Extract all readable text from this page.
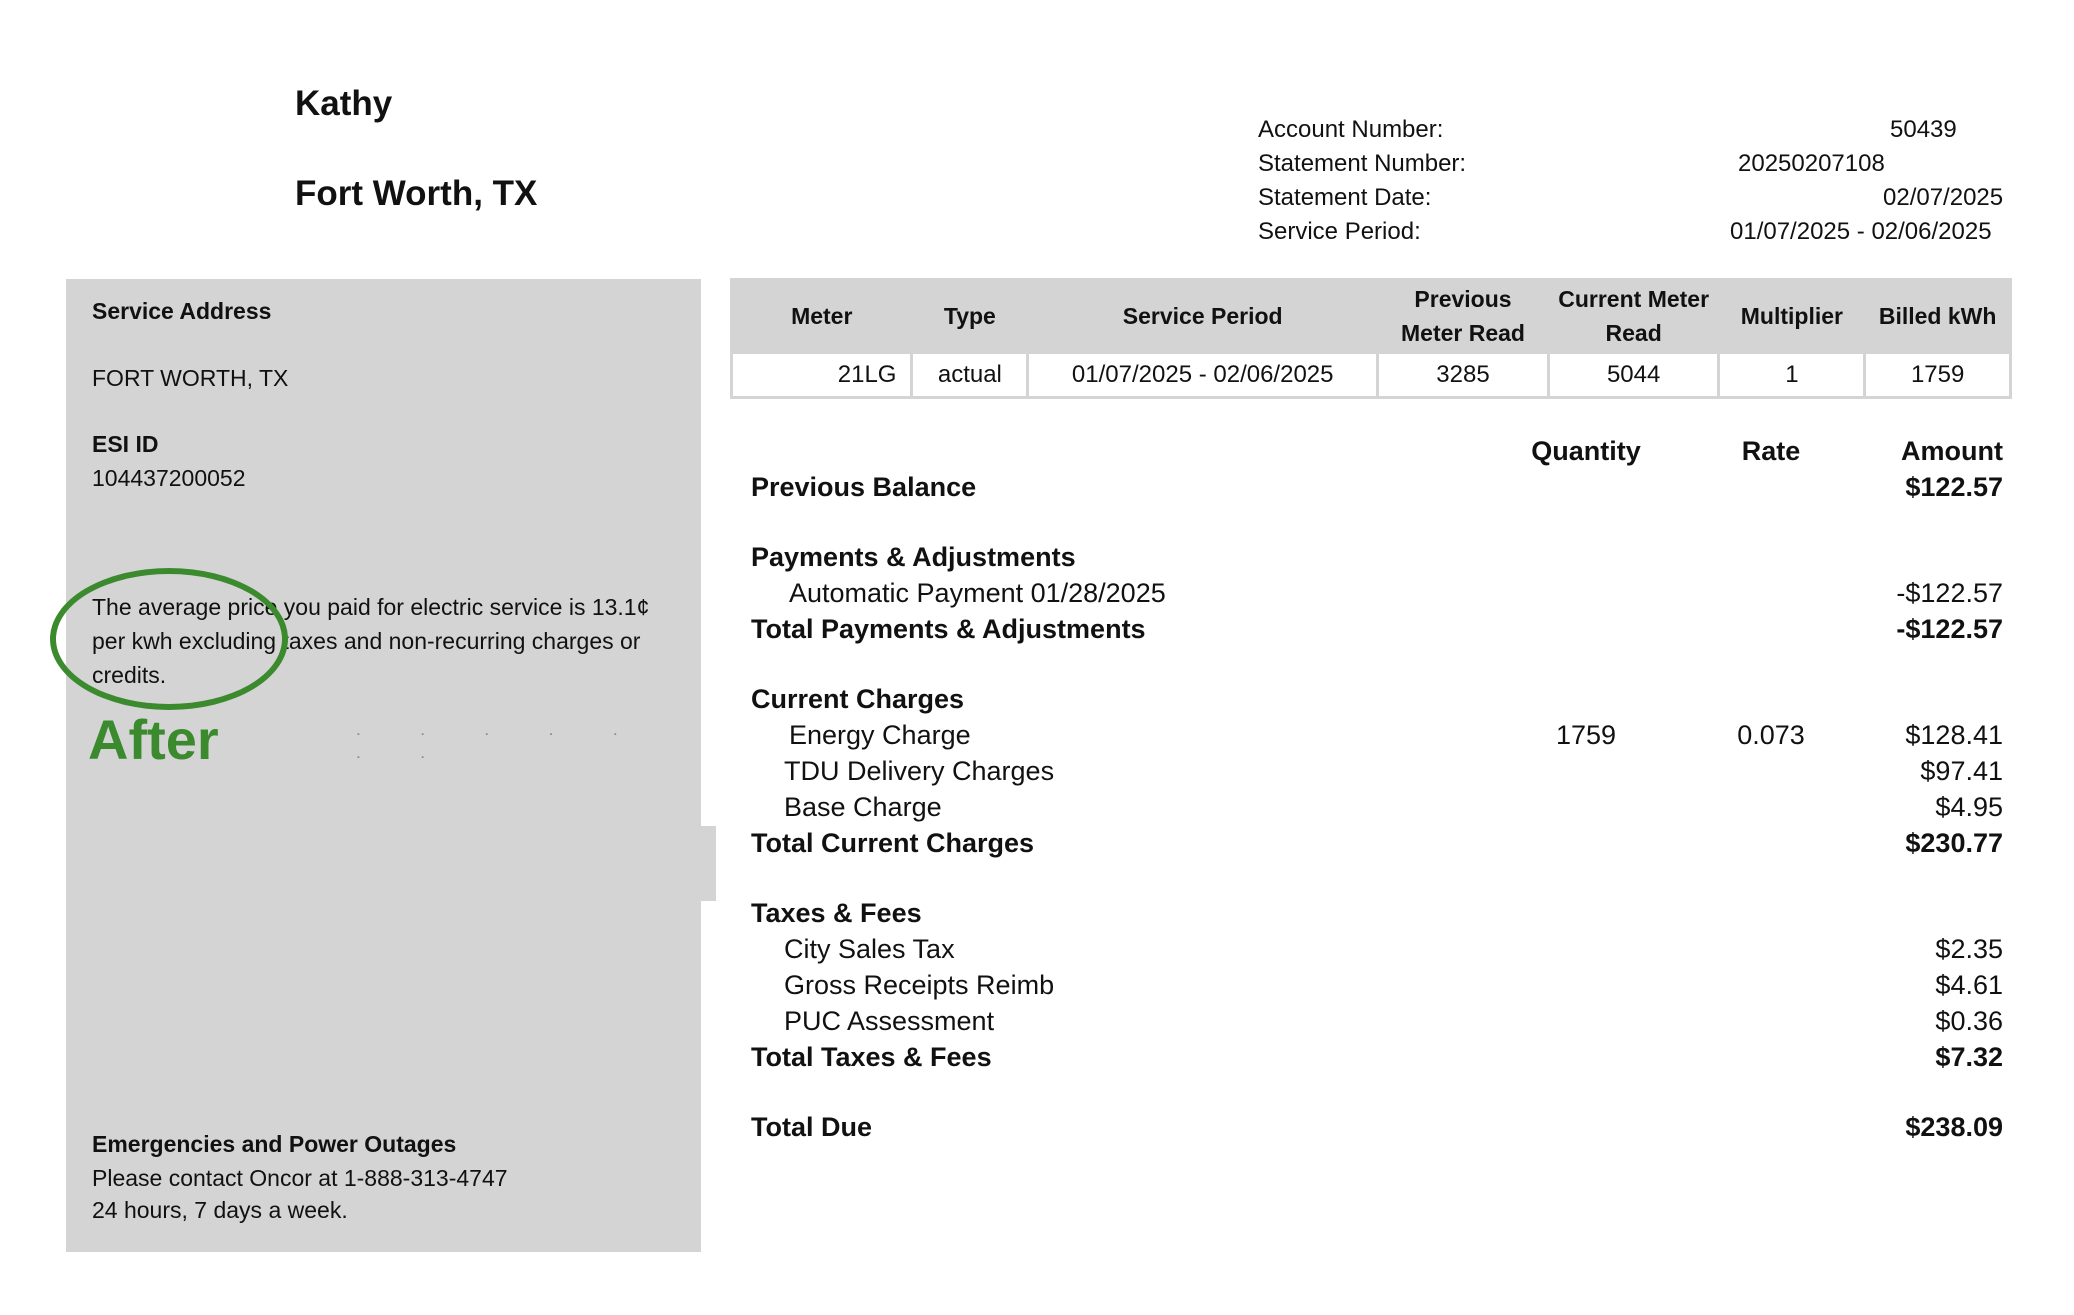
Kathy
Fort Worth, TX
Account Number:	50439
Statement Number:	20250207108
Statement Date:	02/07/2025
Service Period:	01/07/2025 - 02/06/2025
Service Address
FORT WORTH, TX
ESI ID
104437200052
The average price you paid for electric service is 13.1¢ per kwh excluding taxes and non-recurring charges or credits.
After	˙ ˙ ˙ ˙ ˙ ˙ ˙
Emergencies and Power Outages
Please contact Oncor at 1-888-313-4747
24 hours, 7 days a week.
Meter	Type	Service Period	Previous Meter Read	Current Meter Read	Multiplier	Billed kWh
21LG	actual	01/07/2025 - 02/06/2025	3285	5044	1	1759
Quantity	Rate	Amount
Previous Balance	$122.57
Payments & Adjustments
Automatic Payment 01/28/2025	-$122.57
Total Payments & Adjustments	-$122.57
Current Charges
Energy Charge	1759	0.073	$128.41
TDU Delivery Charges	$97.41
Base Charge	$4.95
Total Current Charges	$230.77
Taxes & Fees
City Sales Tax	$2.35
Gross Receipts Reimb	$4.61
PUC Assessment	$0.36
Total Taxes & Fees	$7.32
Total Due	$238.09
